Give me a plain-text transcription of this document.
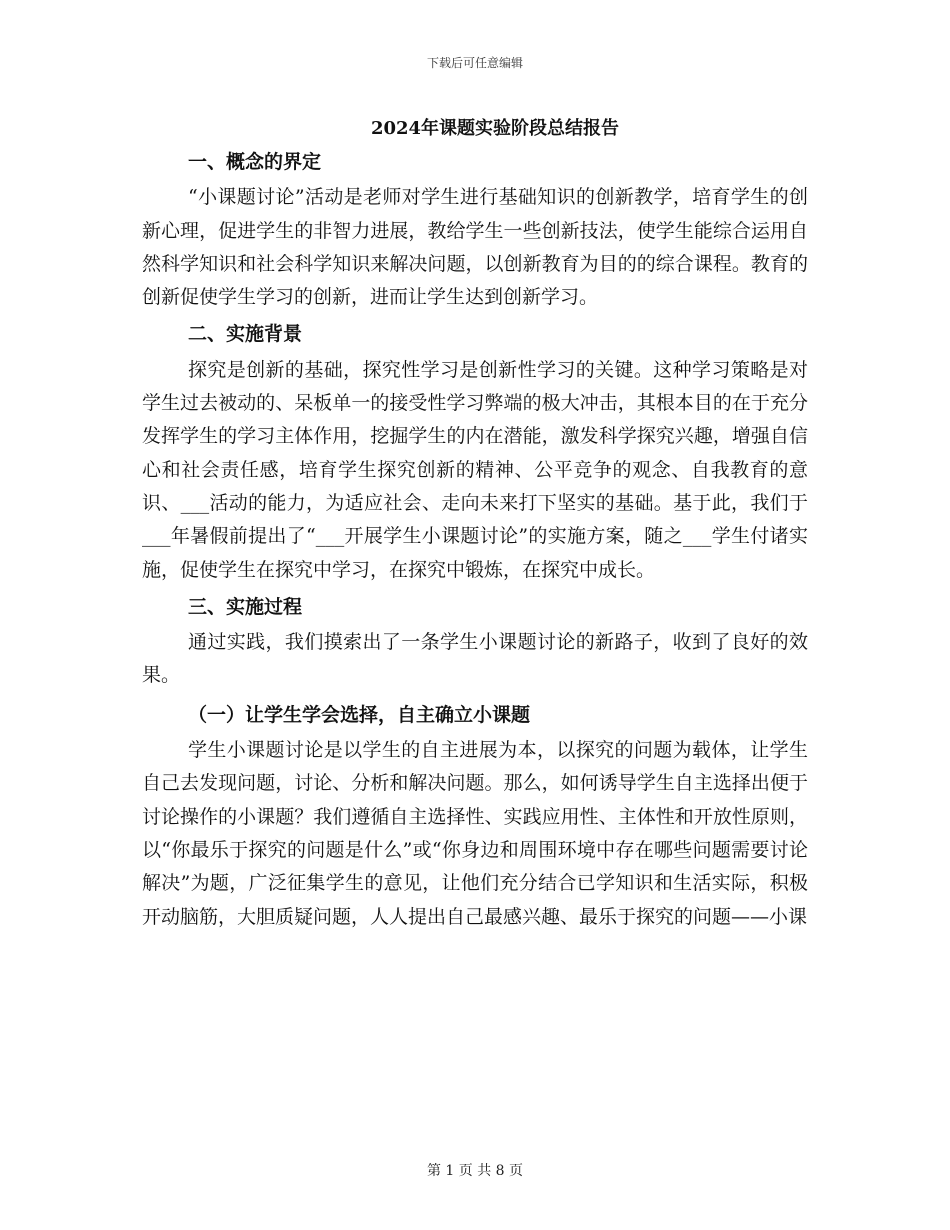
下载后可任意编辑
2024年课题实验阶段总结报告

一、概念的界定

“小课题讨论”活动是老师对学生进行基础知识的创新教学，培育学生的创新心理，促进学生的非智力进展，教给学生一些创新技法，使学生能综合运用自然科学知识和社会科学知识来解决问题，以创新教育为目的的综合课程。教育的创新促使学生学习的创新，进而让学生达到创新学习。

二、实施背景

探究是创新的基础，探究性学习是创新性学习的关键。这种学习策略是对学生过去被动的、呆板单一的接受性学习弊端的极大冲击，其根本目的在于充分发挥学生的学习主体作用，挖掘学生的内在潜能，激发科学探究兴趣，增强自信心和社会责任感，培育学生探究创新的精神、公平竞争的观念、自我教育的意识、___活动的能力，为适应社会、走向未来打下坚实的基础。基于此，我们于___年暑假前提出了“___开展学生小课题讨论”的实施方案，随之___学生付诸实施，促使学生在探究中学习，在探究中锻炼，在探究中成长。

三、实施过程

通过实践，我们摸索出了一条学生小课题讨论的新路子，收到了良好的效果。

（一）让学生学会选择，自主确立小课题

学生小课题讨论是以学生的自主进展为本，以探究的问题为载体，让学生自己去发现问题，讨论、分析和解决问题。那么，如何诱导学生自主选择出便于讨论操作的小课题？我们遵循自主选择性、实践应用性、主体性和开放性原则，以“你最乐于探究的问题是什么”或“你身边和周围环境中存在哪些问题需要讨论解决”为题，广泛征集学生的意见，让他们充分结合已学知识和生活实际，积极开动脑筋，大胆质疑问题，人人提出自己最感兴趣、最乐于探究的问题——小课

第 1 页 共 8 页
